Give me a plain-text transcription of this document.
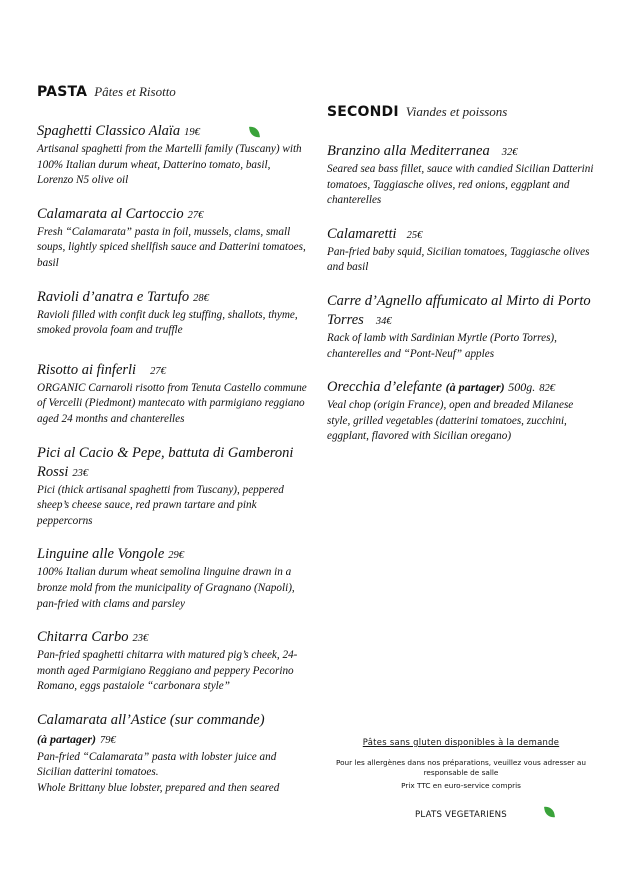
PASTA Pâtes et Risotto
Spaghetti Classico Alaïa 19€
Artisanal spaghetti from the Martelli family (Tuscany) with 100% Italian durum wheat, Datterino tomato, basil, Lorenzo N5 olive oil
Calamarata al Cartoccio 27€
Fresh “Calamarata” pasta in foil, mussels, clams, small soups, lightly spiced shellfish sauce and Datterini tomatoes, basil
Ravioli d’anatra e Tartufo 28€
Ravioli filled with confit duck leg stuffing, shallots, thyme, smoked provola foam and truffle
Risotto ai finferli 27€
ORGANIC Carnaroli risotto from Tenuta Castello commune of Vercelli (Piedmont) mantecato with parmigiano reggiano aged 24 months and chanterelles
Pici al Cacio & Pepe, battuta di Gamberoni Rossi 23€
Pici (thick artisanal spaghetti from Tuscany), peppered sheep’s cheese sauce, red prawn tartare and pink peppercorns
Linguine alle Vongole 29€
100% Italian durum wheat semolina linguine drawn in a bronze mold from the municipality of Gragnano (Napoli), pan-fried with clams and parsley
Chitarra Carbo 23€
Pan-fried spaghetti chitarra with matured pig’s cheek, 24-month aged Parmigiano Reggiano and peppery Pecorino Romano, eggs pastaiole “carbonara style”
Calamarata all’Astice (sur commande)
(à partager) 79€
Pan-fried “Calamarata” pasta with lobster juice and Sicilian datterini tomatoes.
Whole Brittany blue lobster, prepared and then seared
SECONDI Viandes et poissons
Branzino alla Mediterranea 32€
Seared sea bass fillet, sauce with candied Sicilian Datterini tomatoes, Taggiasche olives, red onions, eggplant and chanterelles
Calamaretti 25€
Pan-fried baby squid, Sicilian tomatoes, Taggiasche olives and basil
Carre d’Agnello affumicato al Mirto di Porto Torres 34€
Rack of lamb with Sardinian Myrtle (Porto Torres), chanterelles and “Pont-Neuf” apples
Orecchia d’elefante (à partager) 500g. 82€
Veal chop (origin France), open and breaded Milanese style, grilled vegetables (datterini tomatoes, zucchini, eggplant, flavored with Sicilian oregano)
Pâtes sans gluten disponibles à la demande
Pour les allergènes dans nos préparations, veuillez vous adresser au responsable de salle
Prix TTC en euro-service compris
PLATS VEGETARIENS
